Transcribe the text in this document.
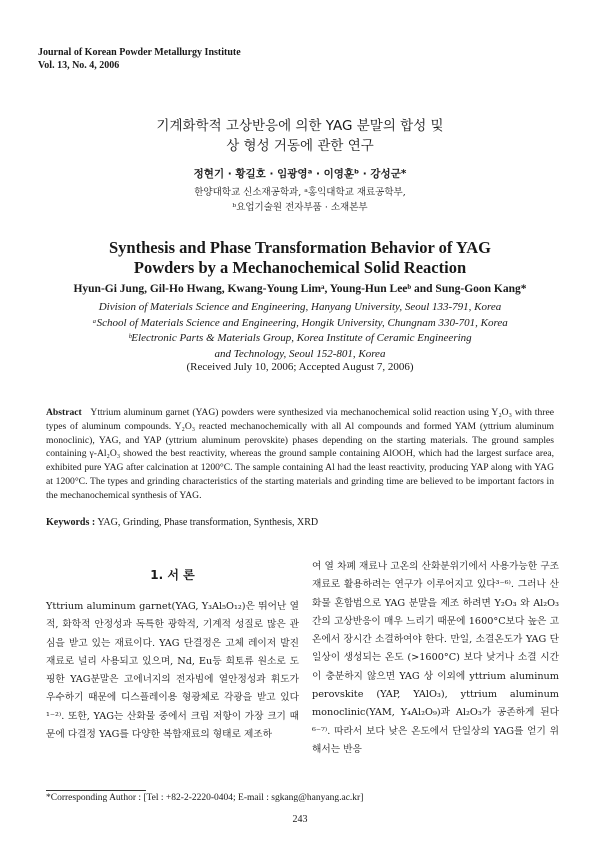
Journal of Korean Powder Metallurgy Institute
Vol. 13, No. 4, 2006
기계화학적 고상반응에 의한 YAG 분말의 합성 및
상 형성 거동에 관한 연구
정현기 · 황길호 · 임광영ᵃ · 이영훈ᵇ · 강성군*
한양대학교 신소재공학과, ᵃ홍익대학교 재료공학부,
ᵇ요업기술원 전자부품 · 소재본부
Synthesis and Phase Transformation Behavior of YAG
Powders by a Mechanochemical Solid Reaction
Hyun-Gi Jung, Gil-Ho Hwang, Kwang-Young Limᵃ, Young-Hun Leeᵇ and Sung-Goon Kang*
Division of Materials Science and Engineering, Hanyang University, Seoul 133-791, Korea
ᵃSchool of Materials Science and Engineering, Hongik University, Chungnam 330-701, Korea
ᵇElectronic Parts & Materials Group, Korea Institute of Ceramic Engineering
and Technology, Seoul 152-801, Korea
(Received July 10, 2006; Accepted August 7, 2006)
Abstract Yttrium aluminum garnet (YAG) powders were synthesized via mechanochemical solid reaction using Y₂O₃ with three types of aluminum compounds. Y₂O₃ reacted mechanochemically with all Al compounds and formed YAM (yttrium aluminum monoclinic), YAG, and YAP (yttrium aluminum perovskite) phases depending on the starting materials. The ground samples containing γ-Al₂O₃ showed the best reactivity, whereas the ground sample containing AlOOH, which had the largest surface area, exhibited pure YAG after calcination at 1200°C. The sample containing Al had the least reactivity, producing YAP along with YAG at 1200°C. The types and grinding characteristics of the starting materials and grinding time are believed to be important factors in the mechanochemical synthesis of YAG.
Keywords : YAG, Grinding, Phase transformation, Synthesis, XRD
1. 서 론
Yttrium aluminum garnet(YAG, Y₃Al₅O₁₂)은 뛰어난 열적, 화학적 안정성과 독특한 광학적, 기계적 성질로 많은 관심을 받고 있는 재료이다. YAG 단결정은 고체 레이저 발진재료로 널리 사용되고 있으며, Nd, Eu등 희토류 원소로 도핑한 YAG분말은 고에너지의 전자빔에 열안정성과 휘도가 우수하기 때문에 디스플레이용 형광체로 각광을 받고 있다¹⁻²⁾. 또한, YAG는 산화물 중에서 크립 저항이 가장 크기 때문에 다결정 YAG를 다양한 복합재료의 형태로 제조하
여 열 차폐 재료나 고온의 산화분위기에서 사용가능한 구조재료로 활용하려는 연구가 이루어지고 있다³⁻⁶⁾. 그러나 산화물 혼합법으로 YAG 분말을 제조 하려면 Y₂O₃ 와 Al₂O₃ 간의 고상반응이 매우 느리기 때문에 1600°C보다 높은 고온에서 장시간 소결하여야 한다. 만일, 소결온도가 YAG 단일상이 생성되는 온도 (>1600°C) 보다 낮거나 소결 시간이 충분하지 않으면 YAG 상 이외에 yttrium aluminum perovskite (YAP, YAlO₃), yttrium aluminum monoclinic(YAM, Y₄Al₂O₉)과 Al₂O₃가 공존하게 된다⁶⁻⁷⁾. 따라서 보다 낮은 온도에서 단일상의 YAG를 얻기 위해서는 반응
*Corresponding Author : [Tel : +82-2-2220-0404; E-mail : sgkang@hanyang.ac.kr]
243
